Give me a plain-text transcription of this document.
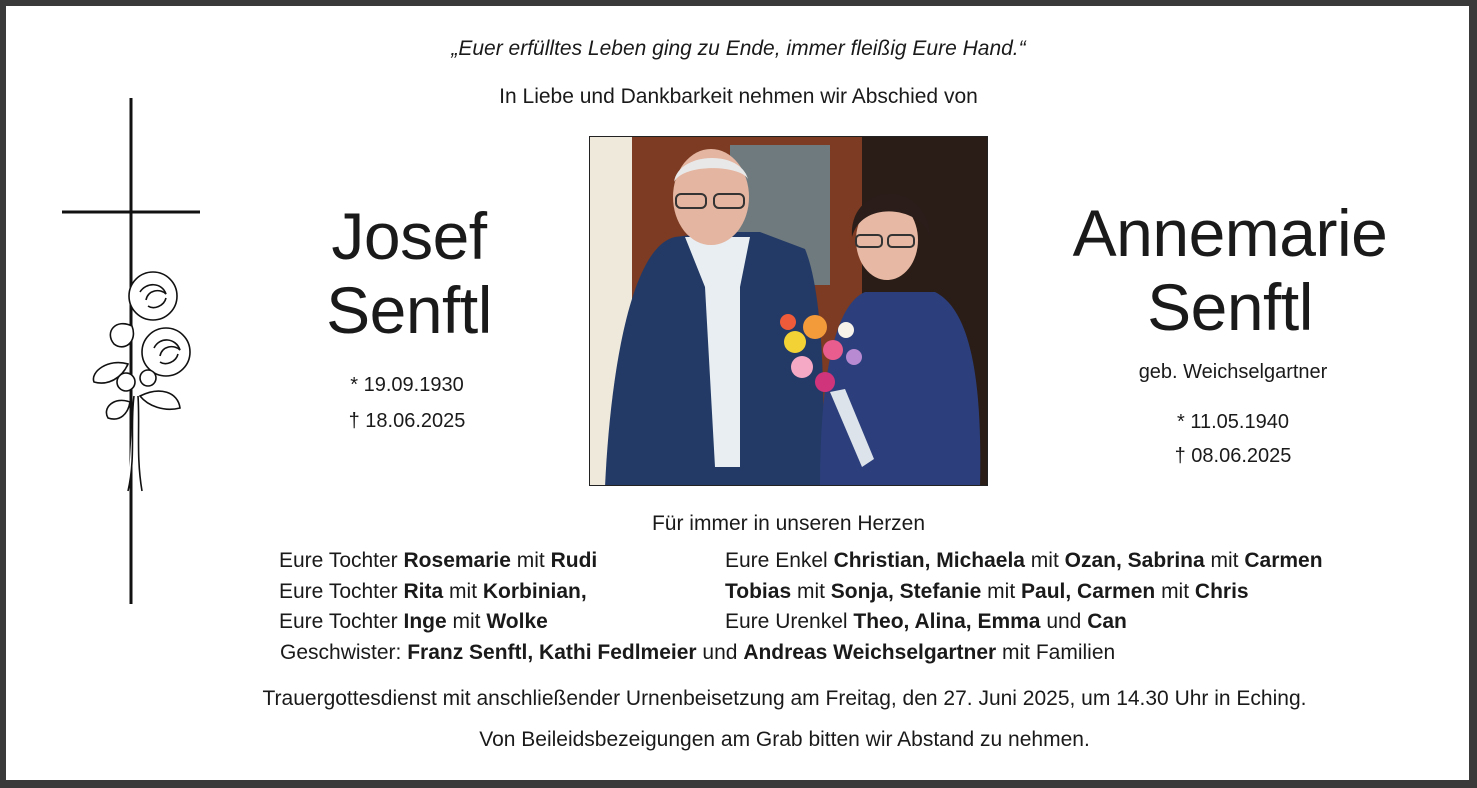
„Euer erfülltes Leben ging zu Ende, immer fleißig Eure Hand.“
In Liebe und Dankbarkeit nehmen wir Abschied von
Josef
Senftl
* 19.09.1930
† 18.06.2025
Annemarie
Senftl
geb. Weichselgartner
* 11.05.1940
† 08.06.2025
Für immer in unseren Herzen
Eure Tochter Rosemarie mit Rudi
Eure Tochter Rita mit Korbinian,
Eure Tochter Inge mit Wolke
Eure Enkel Christian, Michaela mit Ozan, Sabrina mit Carmen
Tobias mit Sonja, Stefanie mit Paul, Carmen mit Chris
Eure Urenkel Theo, Alina, Emma und Can
Geschwister: Franz Senftl, Kathi Fedlmeier und Andreas Weichselgartner mit Familien
Trauergottesdienst mit anschließender Urnenbeisetzung am Freitag, den 27. Juni 2025, um 14.30 Uhr in Eching.
Von Beileidsbezeigungen am Grab bitten wir Abstand zu nehmen.
